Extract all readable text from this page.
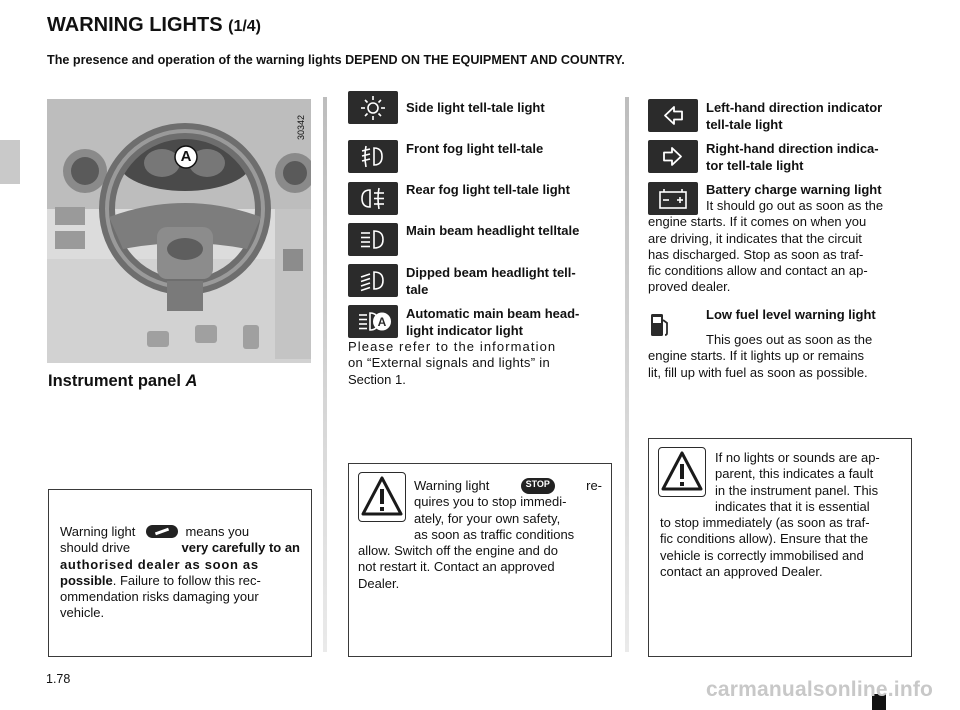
WARNING LIGHTS (1/4)
The presence and operation of the warning lights DEPEND ON THE EQUIPMENT AND COUNTRY.
A
30342
Instrument panel A
Side light tell-tale light
Front fog light tell-tale
Rear fog light tell-tale light
Main beam headlight telltale
Dipped beam headlight tell-
tale
A
Automatic main beam head-
light indicator light
Please refer to the information
on “External signals and lights” in
Section 1.
Left-hand direction indicator
tell-tale light
Right-hand direction indica-
tor tell-tale light
Battery charge warning light
It should go out as soon as the
engine starts. If it comes on when you
are driving, it indicates that the circuit
has discharged. Stop as soon as traf-
fic conditions allow and contact an ap-
proved dealer.
Low fuel level warning light
This goes out as soon as the
engine starts. If it lights up or remains
lit, fill up with fuel as soon as possible.
Warning light	means you
should drive	very carefully to an
authorised dealer as soon as
possible. Failure to follow this rec-
ommendation risks damaging your
vehicle.
Warning light	STOP	re-
quires you to stop immedi-
ately, for your own safety,
as soon as traffic conditions
allow. Switch off the engine and do
not restart it. Contact an approved
Dealer.
If no lights or sounds are ap-
parent, this indicates a fault
in the instrument panel. This
indicates that it is essential
to stop immediately (as soon as traf-
fic conditions allow). Ensure that the
vehicle is correctly immobilised and
contact an approved Dealer.
1.78	carmanualsonline.info
